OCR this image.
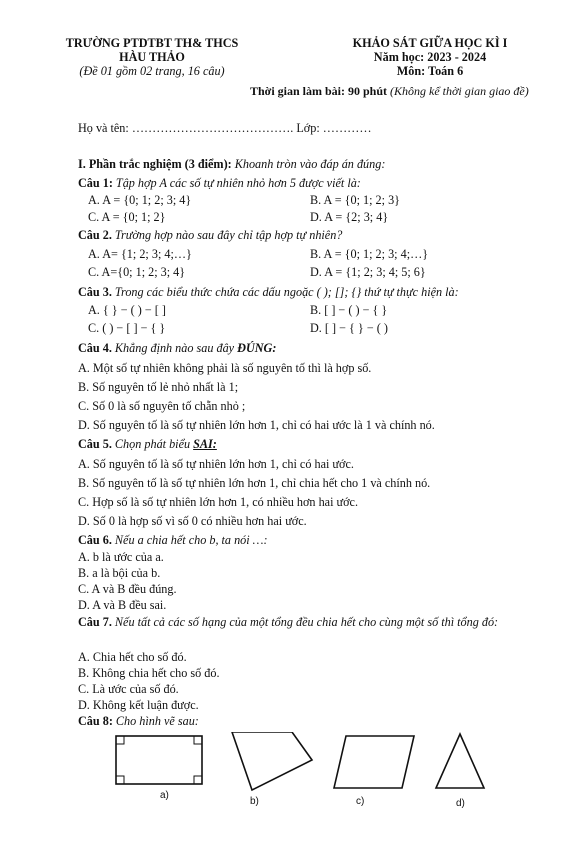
TRƯỜNG PTDTBT TH& THCS
HÀU THẢO
(Đề 01 gồm 02 trang, 16 câu)
KHẢO SÁT GIỮA HỌC KÌ I
Năm học: 2023 - 2024
Môn: Toán 6
Thời gian làm bài: 90 phút (Không kể thời gian giao đề)
Họ và tên: …………………………………. Lớp: …………
I. Phần trắc nghiệm (3 điểm): Khoanh tròn vào đáp án đúng:
Câu 1: Tập hợp A các số tự nhiên nhỏ hơn 5 được viết là:
A. A = {0; 1; 2; 3; 4}	B. A = {0; 1; 2; 3}
C. A = {0; 1; 2}	D. A = {2; 3; 4}
Câu 2. Trường hợp nào sau đây chỉ tập hợp tự nhiên?
A. A= {1; 2; 3; 4;…}	B. A = {0; 1; 2; 3; 4;…}
C. A={0; 1; 2; 3; 4}	D. A = {1; 2; 3; 4; 5; 6}
Câu 3. Trong các biểu thức chứa các dấu ngoặc ( ); []; {} thứ tự thực hiện là:
A. { } − ( ) − [ ]	B. [ ] − ( ) − { }
C. ( ) − [ ] − { }	D. [ ] − { } − ( )
Câu 4. Khẳng định nào sau đây ĐÚNG:
A. Một số tự nhiên không phải là số nguyên tố thì là hợp số.
B. Số nguyên tố lẻ nhỏ nhất là 1;
C. Số 0 là số nguyên tố chẵn nhỏ ;
D. Số nguyên tố là số tự nhiên lớn hơn 1, chỉ có hai ước là 1 và chính nó.
Câu 5. Chọn phát biểu SAI:
A. Số nguyên tố là số tự nhiên lớn hơn 1, chỉ có hai ước.
B. Số nguyên tố là số tự nhiên lớn hơn 1, chỉ chia hết cho 1 và chính nó.
C. Hợp số là số tự nhiên lớn hơn 1, có nhiều hơn hai ước.
D. Số 0 là hợp số vì số 0 có nhiều hơn hai ước.
Câu 6. Nếu a chia hết cho b, ta nói …:
A. b là ước của a.
B. a là bội của b.
C. A và B đều đúng.
D. A và B đều sai.
Câu 7. Nếu tất cả các số hạng của một tổng đều chia hết cho cùng một số thì tổng đó:
A. Chia hết cho số đó.
B. Không chia hết cho số đó.
C. Là ước của số đó.
D. Không kết luận được.
Câu 8: Cho hình vẽ sau:
a)
b)	c)	d)
